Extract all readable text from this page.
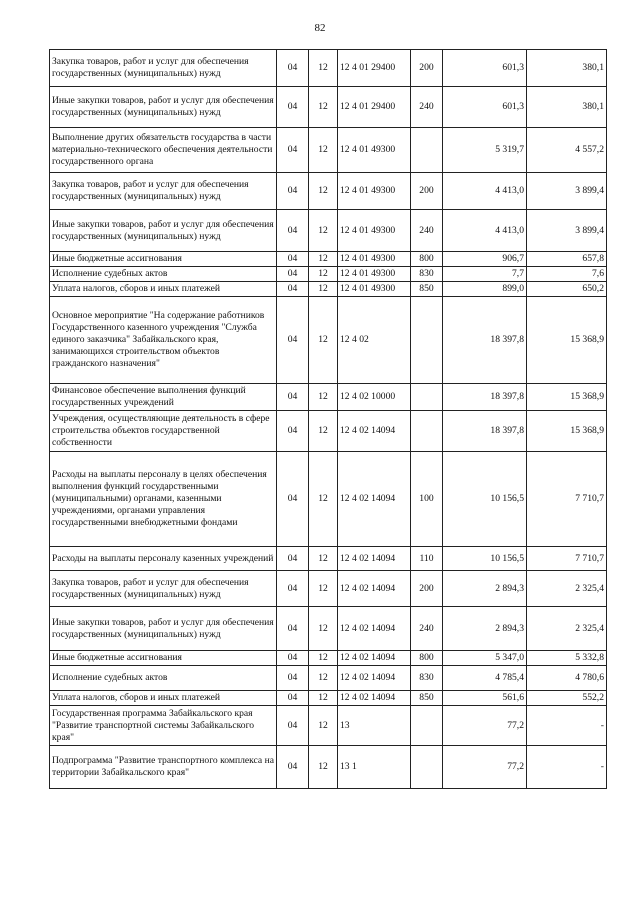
82
Закупка товаров, работ и услуг для обеспечения государственных (муниципальных) нужд	04	12	12 4 01 29400	200	601,3	380,1
Иные закупки товаров, работ и услуг для обеспечения государственных (муниципальных) нужд	04	12	12 4 01 29400	240	601,3	380,1
Выполнение других обязательств государства в части материально-технического обеспечения деятельности государственного органа	04	12	12 4 01 49300		5 319,7	4 557,2
Закупка товаров, работ и услуг для обеспечения государственных (муниципальных) нужд	04	12	12 4 01 49300	200	4 413,0	3 899,4
Иные закупки товаров, работ и услуг для обеспечения государственных (муниципальных) нужд	04	12	12 4 01 49300	240	4 413,0	3 899,4
Иные бюджетные ассигнования	04	12	12 4 01 49300	800	906,7	657,8
Исполнение судебных актов	04	12	12 4 01 49300	830	7,7	7,6
Уплата налогов, сборов и иных платежей	04	12	12 4 01 49300	850	899,0	650,2
Основное мероприятие "На содержание работников Государственного казенного учреждения "Служба единого заказчика" Забайкальского края, занимающихся строительством объектов гражданского назначения"	04	12	12 4 02		18 397,8	15 368,9
Финансовое обеспечение выполнения функций государственных учреждений	04	12	12 4 02 10000		18 397,8	15 368,9
Учреждения, осуществляющие деятельность в сфере строительства объектов государственной собственности	04	12	12 4 02 14094		18 397,8	15 368,9
Расходы на выплаты персоналу в целях обеспечения выполнения функций государственными (муниципальными) органами, казенными учреждениями, органами управления государственными внебюджетными фондами	04	12	12 4 02 14094	100	10 156,5	7 710,7
Расходы на выплаты персоналу казенных учреждений	04	12	12 4 02 14094	110	10 156,5	7 710,7
Закупка товаров, работ и услуг для обеспечения государственных (муниципальных) нужд	04	12	12 4 02 14094	200	2 894,3	2 325,4
Иные закупки товаров, работ и услуг для обеспечения государственных (муниципальных) нужд	04	12	12 4 02 14094	240	2 894,3	2 325,4
Иные бюджетные ассигнования	04	12	12 4 02 14094	800	5 347,0	5 332,8
Исполнение судебных актов	04	12	12 4 02 14094	830	4 785,4	4 780,6
Уплата налогов, сборов и иных платежей	04	12	12 4 02 14094	850	561,6	552,2
Государственная программа Забайкальского края "Развитие транспортной системы Забайкальского края"	04	12	13		77,2	-
Подпрограмма "Развитие транспортного комплекса на территории Забайкальского края"	04	12	13 1		77,2	-
